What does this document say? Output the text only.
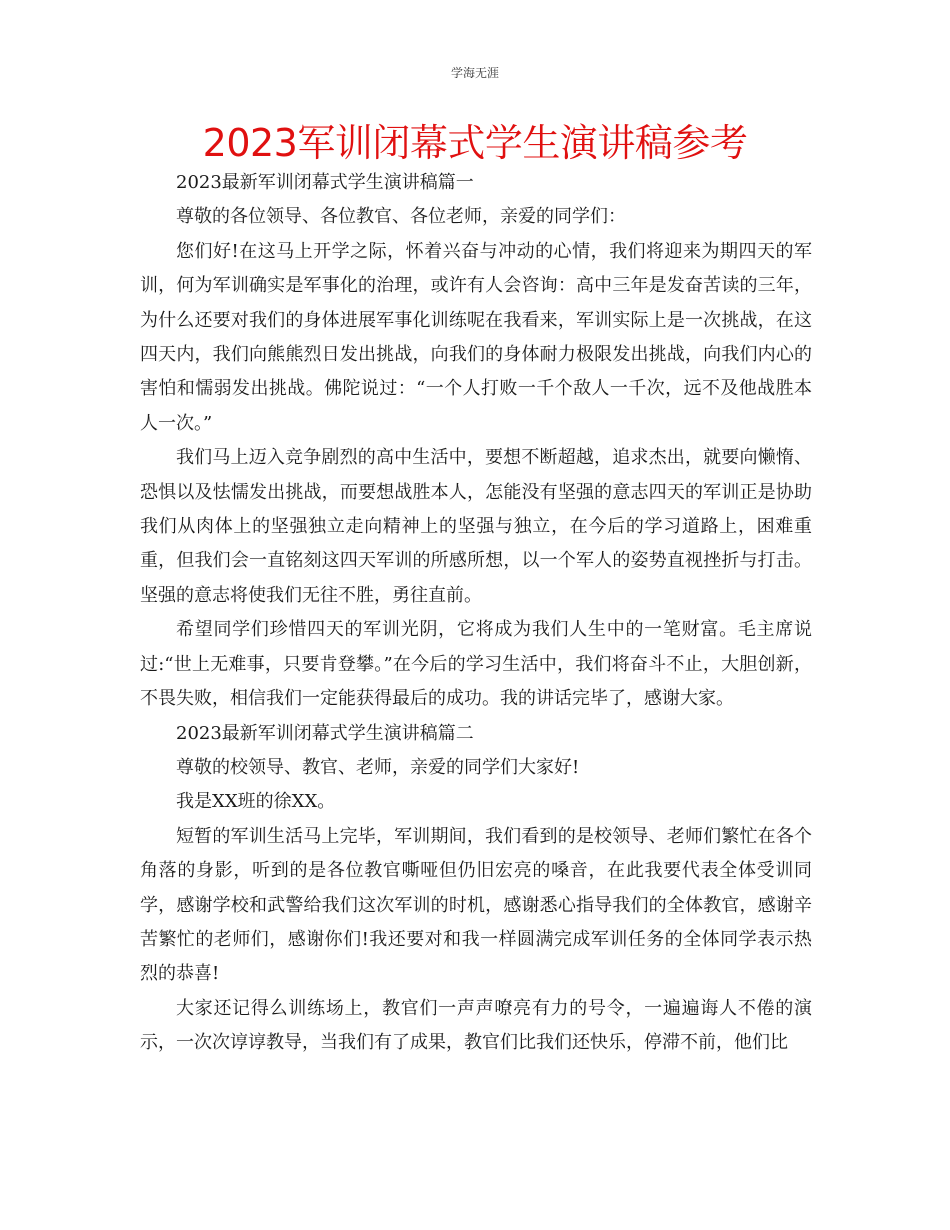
学海无涯
2023军训闭幕式学生演讲稿参考

2023最新军训闭幕式学生演讲稿篇一

尊敬的各位领导、各位教官、各位老师，亲爱的同学们：

您们好!在这马上开学之际，怀着兴奋与冲动的心情，我们将迎来为期四天的军训，何为军训确实是军事化的治理，或许有人会咨询：高中三年是发奋苦读的三年，为什么还要对我们的身体进展军事化训练呢在我看来，军训实际上是一次挑战，在这四天内，我们向熊熊烈日发出挑战，向我们的身体耐力极限发出挑战，向我们内心的害怕和懦弱发出挑战。佛陀说过：“一个人打败一千个敌人一千次，远不及他战胜本人一次。”

我们马上迈入竞争剧烈的高中生活中，要想不断超越，追求杰出，就要向懒惰、恐惧以及怯懦发出挑战，而要想战胜本人，怎能没有坚强的意志四天的军训正是协助我们从肉体上的坚强独立走向精神上的坚强与独立，在今后的学习道路上，困难重重，但我们会一直铭刻这四天军训的所感所想，以一个军人的姿势直视挫折与打击。坚强的意志将使我们无往不胜，勇往直前。

希望同学们珍惜四天的军训光阴，它将成为我们人生中的一笔财富。毛主席说过:“世上无难事，只要肯登攀。”在今后的学习生活中，我们将奋斗不止，大胆创新，不畏失败，相信我们一定能获得最后的成功。我的讲话完毕了，感谢大家。

2023最新军训闭幕式学生演讲稿篇二

尊敬的校领导、教官、老师，亲爱的同学们大家好!

我是XX班的徐XX。

短暂的军训生活马上完毕，军训期间，我们看到的是校领导、老师们繁忙在各个角落的身影，听到的是各位教官嘶哑但仍旧宏亮的嗓音，在此我要代表全体受训同学，感谢学校和武警给我们这次军训的时机，感谢悉心指导我们的全体教官，感谢辛苦繁忙的老师们，感谢你们!我还要对和我一样圆满完成军训任务的全体同学表示热烈的恭喜!

大家还记得么训练场上，教官们一声声嘹亮有力的号令，一遍遍诲人不倦的演示，一次次谆谆教导，当我们有了成果，教官们比我们还快乐，停滞不前，他们比
